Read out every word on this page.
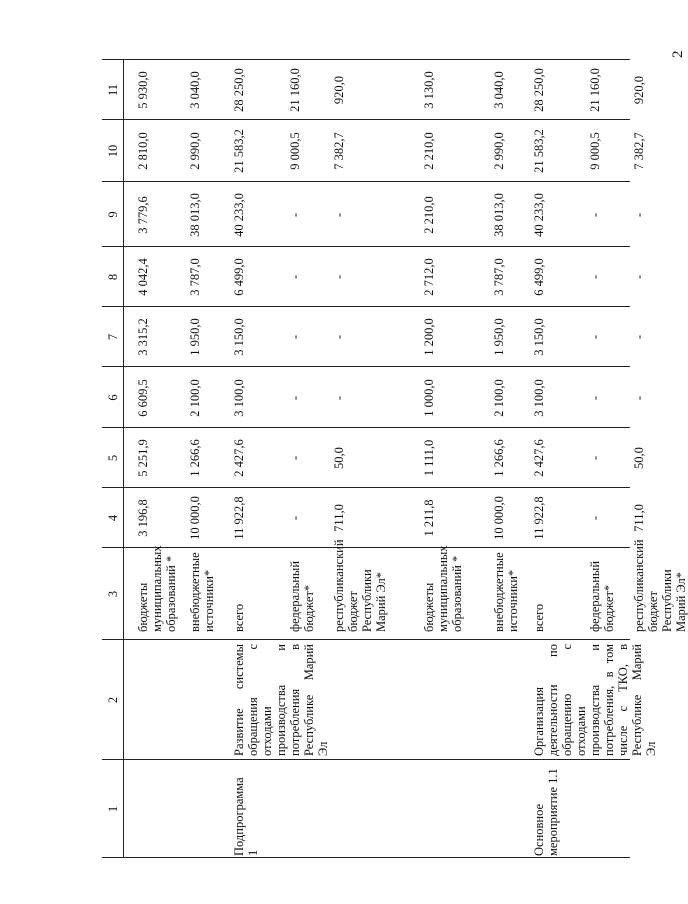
2
1
2
3
4
5
6
7
8
9
10
11
бюджеты муниципальных образований *
3 196,8
5 251,9
6 609,5
3 315,2
4 042,4
3 779,6
2 810,0
5 930,0
внебюджетные источники*
10 000,0
1 266,6
2 100,0
1 950,0
3 787,0
38 013,0
2 990,0
3 040,0
Подпрограмма 1
Развитие системы обращения с отходами производства и потребления в Республике Марий Эл
всего
11 922,8
2 427,6
3 100,0
3 150,0
6 499,0
40 233,0
21 583,2
28 250,0
федеральный бюджет*
-
-
-
-
-
-
9 000,5
21 160,0
республиканский бюджет Республики Марий Эл*
711,0
50,0
-
-
-
-
7 382,7
920,0
бюджеты муниципальных образований *
1 211,8
1 111,0
1 000,0
1 200,0
2 712,0
2 210,0
2 210,0
3 130,0
внебюджетные источники*
10 000,0
1 266,6
2 100,0
1 950,0
3 787,0
38 013,0
2 990,0
3 040,0
Основное мероприятие 1.1
Организация деятельности по обращению с отходами производства и потребления, в том числе с ТКО, в Республике Марий Эл
всего
11 922,8
2 427,6
3 100,0
3 150,0
6 499,0
40 233,0
21 583,2
28 250,0
федеральный бюджет*
-
-
-
-
-
-
9 000,5
21 160,0
республиканский бюджет Республики Марий Эл*
711,0
50,0
-
-
-
-
7 382,7
920,0
